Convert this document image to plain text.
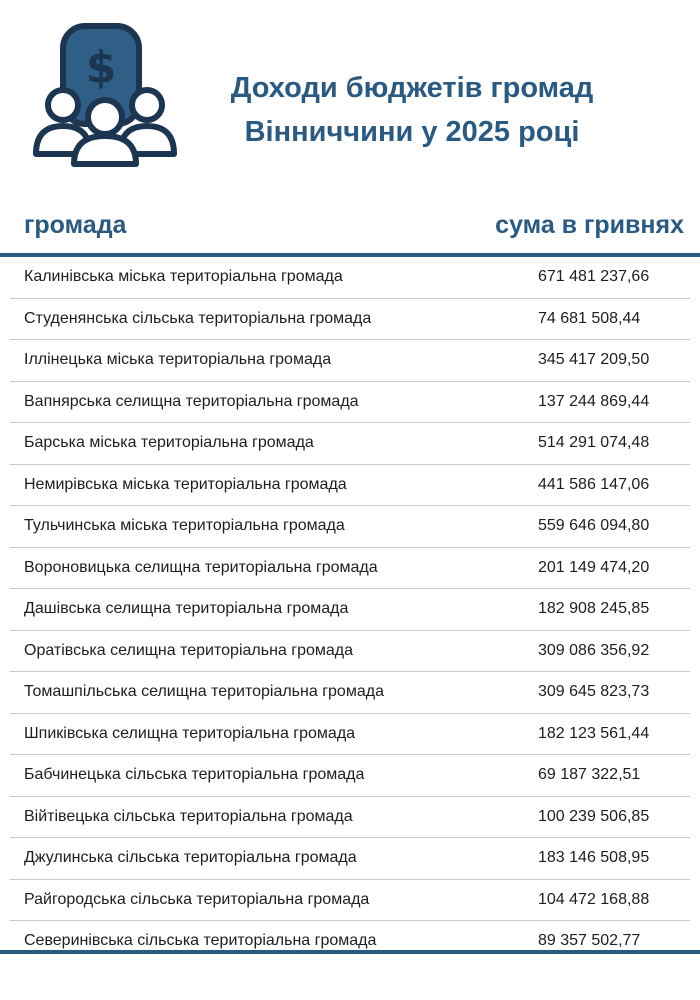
$	Доходи бюджетів громад
Вінниччини у 2025 році
громада	сума в гривнях
Калинівська міська територіальна громада	671 481 237,66
Студенянська сільська територіальна громада	74 681 508,44
Іллінецька міська територіальна громада	345 417 209,50
Вапнярська селищна територіальна громада	137 244 869,44
Барська міська територіальна громада	514 291 074,48
Немирівська міська територіальна громада	441 586 147,06
Тульчинська міська територіальна громада	559 646 094,80
Вороновицька селищна територіальна громада	201 149 474,20
Дашівська селищна територіальна громада	182 908 245,85
Оратівська селищна територіальна громада	309 086 356,92
Томашпільська селищна територіальна громада	309 645 823,73
Шпиківська селищна територіальна громада	182 123 561,44
Бабчинецька сільська територіальна громада	69 187 322,51
Війтівецька сільська територіальна громада	100 239 506,85
Джулинська сільська територіальна громада	183 146 508,95
Райгородська сільська територіальна громада	104 472 168,88
Северинівська сільська територіальна громада	89 357 502,77
